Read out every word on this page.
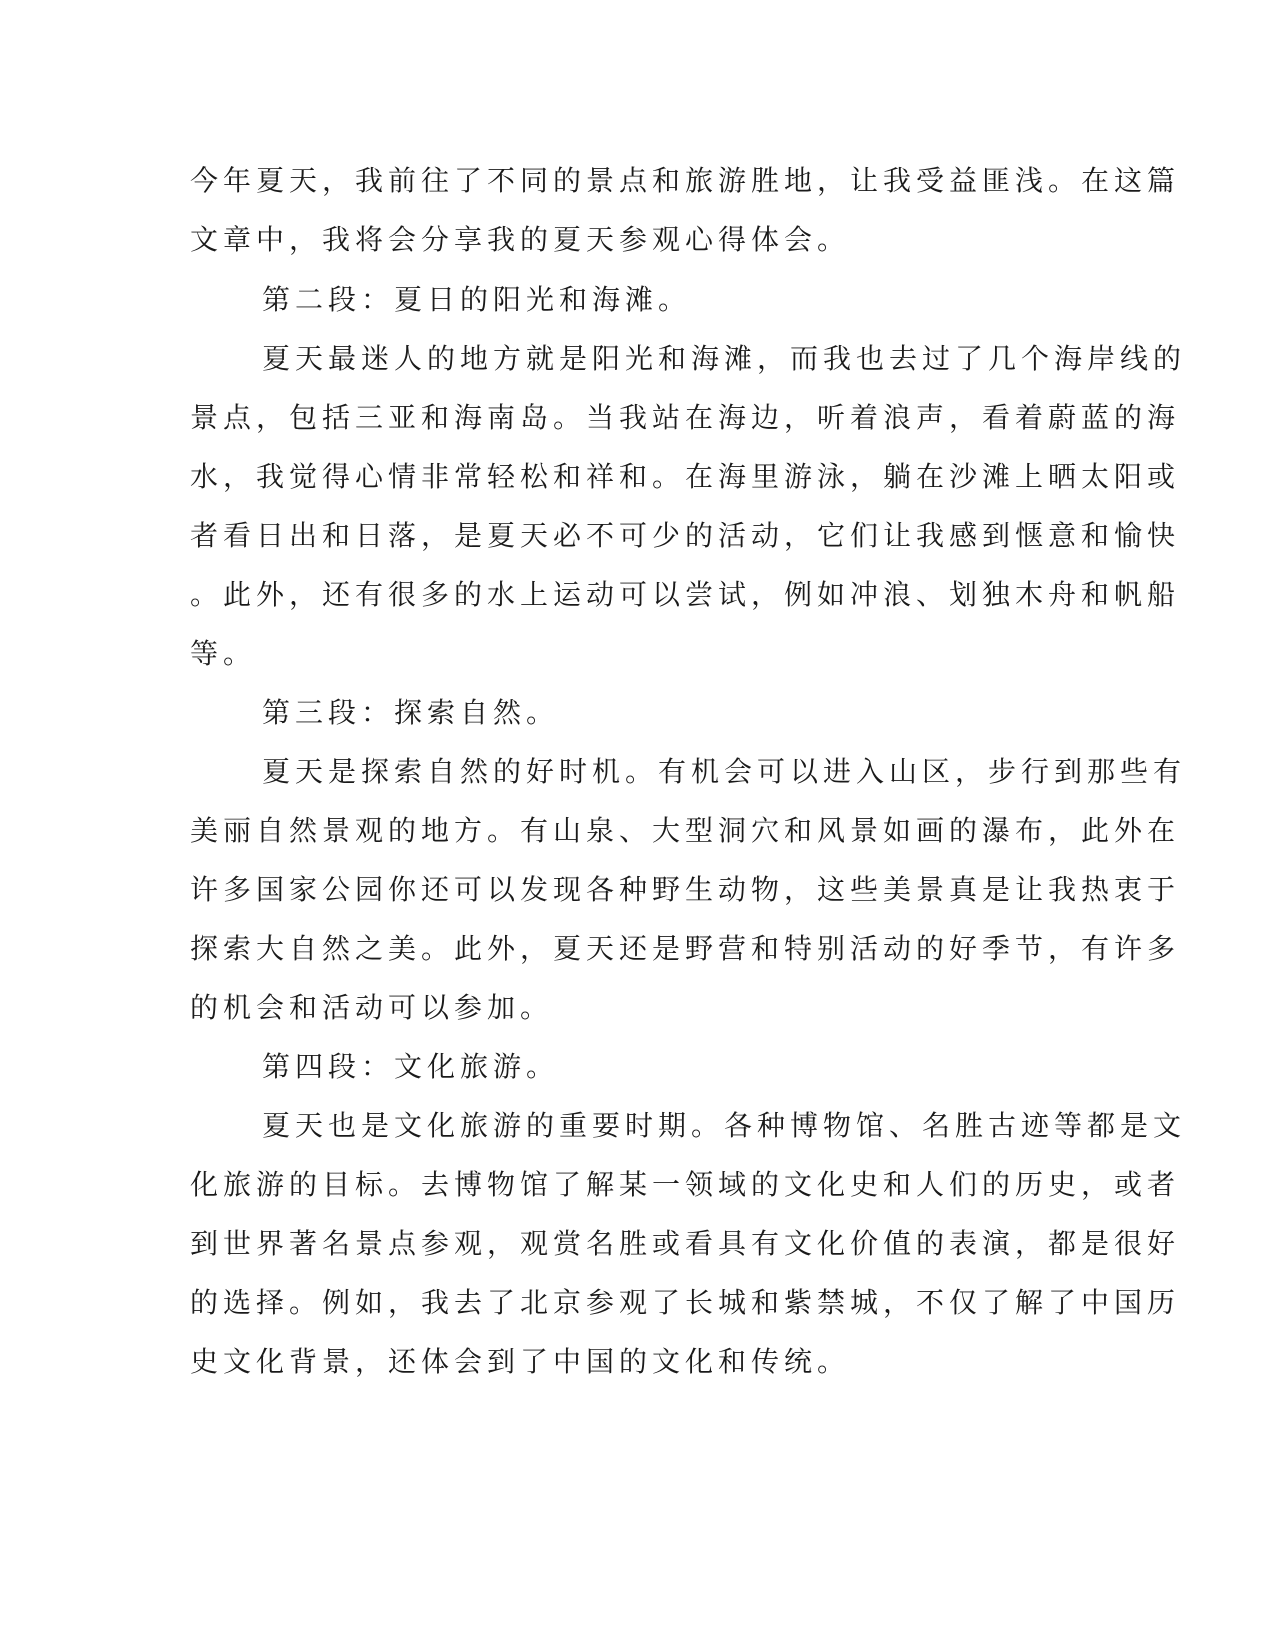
今年夏天，我前往了不同的景点和旅游胜地，让我受益匪浅。在这篇
文章中，我将会分享我的夏天参观心得体会。
第二段：夏日的阳光和海滩。
夏天最迷人的地方就是阳光和海滩，而我也去过了几个海岸线的
景点，包括三亚和海南岛。当我站在海边，听着浪声，看着蔚蓝的海
水，我觉得心情非常轻松和祥和。在海里游泳，躺在沙滩上晒太阳或
者看日出和日落，是夏天必不可少的活动，它们让我感到惬意和愉快
。此外，还有很多的水上运动可以尝试，例如冲浪、划独木舟和帆船
等。
第三段：探索自然。
夏天是探索自然的好时机。有机会可以进入山区，步行到那些有
美丽自然景观的地方。有山泉、大型洞穴和风景如画的瀑布，此外在
许多国家公园你还可以发现各种野生动物，这些美景真是让我热衷于
探索大自然之美。此外，夏天还是野营和特别活动的好季节，有许多
的机会和活动可以参加。
第四段：文化旅游。
夏天也是文化旅游的重要时期。各种博物馆、名胜古迹等都是文
化旅游的目标。去博物馆了解某一领域的文化史和人们的历史，或者
到世界著名景点参观，观赏名胜或看具有文化价值的表演，都是很好
的选择。例如，我去了北京参观了长城和紫禁城，不仅了解了中国历
史文化背景，还体会到了中国的文化和传统。
